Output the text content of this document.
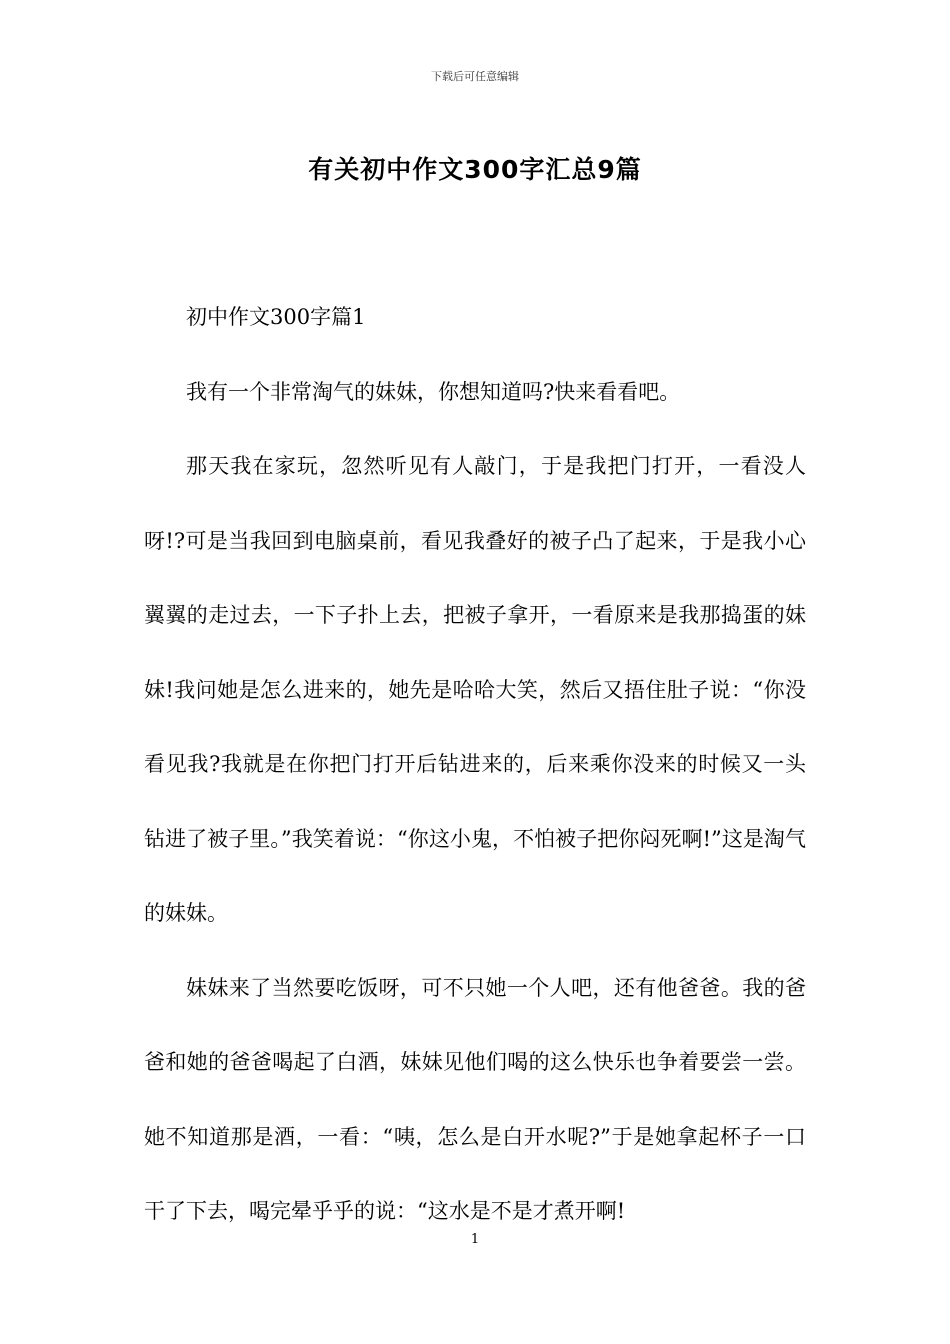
下载后可任意编辑
有关初中作文300字汇总9篇

初中作文300字篇1

我有一个非常淘气的妹妹，你想知道吗?快来看看吧。

那天我在家玩，忽然听见有人敲门，于是我把门打开，一看没人呀!?可是当我回到电脑桌前，看见我叠好的被子凸了起来，于是我小心翼翼的走过去，一下子扑上去，把被子拿开，一看原来是我那捣蛋的妹妹!我问她是怎么进来的，她先是哈哈大笑，然后又捂住肚子说：“你没看见我?我就是在你把门打开后钻进来的，后来乘你没来的时候又一头钻进了被子里。”我笑着说：“你这小鬼，不怕被子把你闷死啊!”这是淘气的妹妹。

妹妹来了当然要吃饭呀，可不只她一个人吧，还有他爸爸。我的爸爸和她的爸爸喝起了白酒，妹妹见他们喝的这么快乐也争着要尝一尝。她不知道那是酒，一看：“咦，怎么是白开水呢?”于是她拿起杯子一口干了下去，喝完晕乎乎的说：“这水是不是才煮开啊!

1
